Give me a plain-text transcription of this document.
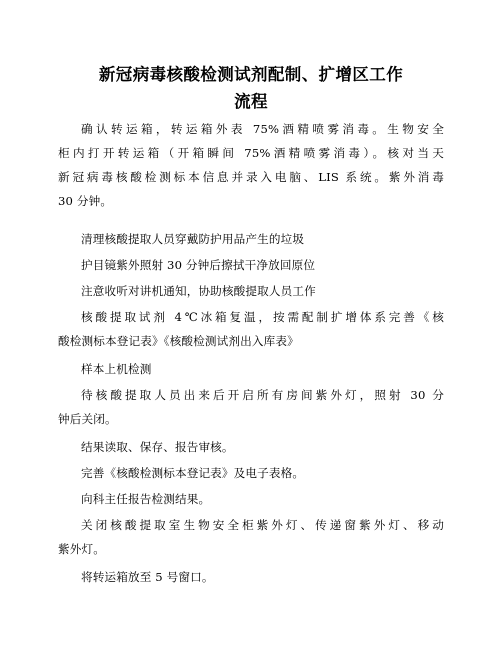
新冠病毒核酸检测试剂配制、扩增区工作
流程
确认转运箱，转运箱外表 75%酒精喷雾消毒。生物安全
柜内打开转运箱（开箱瞬间 75%酒精喷雾消毒）。核对当天
新冠病毒核酸检测标本信息并录入电脑、LIS 系统。紫外消毒
30 分钟。
清理核酸提取人员穿戴防护用品产生的垃圾
护目镜紫外照射 30 分钟后擦拭干净放回原位
注意收听对讲机通知，协助核酸提取人员工作
核酸提取试剂 4℃冰箱复温，按需配制扩增体系完善《核
酸检测标本登记表》《核酸检测试剂出入库表》
样本上机检测
待核酸提取人员出来后开启所有房间紫外灯，照射 30 分
钟后关闭。
结果读取、保存、报告审核。
完善《核酸检测标本登记表》及电子表格。
向科主任报告检测结果。
关闭核酸提取室生物安全柜紫外灯、传递窗紫外灯、移动
紫外灯。
将转运箱放至 5 号窗口。
